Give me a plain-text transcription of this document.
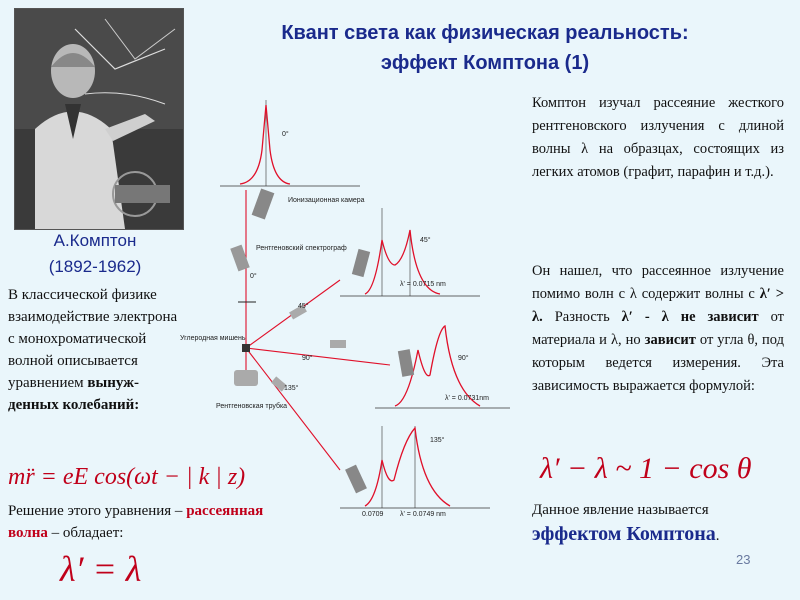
Квант света как физическая реальность:
эффект Комптона (1)
А.Комптон
(1892-1962)
В классической физике взаимодействие электрона с монохроматической волной описывается уравнением вынуж-денных колебаний:
mr̈ = eE cos(ωt − | k | z)
Решение этого уравнения – рассеянная волна – обладает:
λ′ = λ
0°
45°
λ' = 0.0715 nm
90°
λ' = 0.0731nm
135°
0.0709 λ' = 0.0749 nm
Ионизационная камера
Рентгеновский спектрограф
Углеродная мишень
Рентгеновская трубка
0°
45°
90°
135°
Комптон изучал рассеяние жесткого рентгеновского излучения с длиной волны λ на образцах, состоящих из легких атомов (графит, парафин и т.д.).
Он нашел, что рассеянное излучение помимо волн с λ содержит волны с λ′ > λ. Разность λ′ - λ не зависит от материала и λ, но зависит от угла θ, под которым ведется измерения. Эта зависимость выражается формулой:
λ′ − λ ~ 1 − cos θ
Данное явление называется эффектом Комптона.
23
